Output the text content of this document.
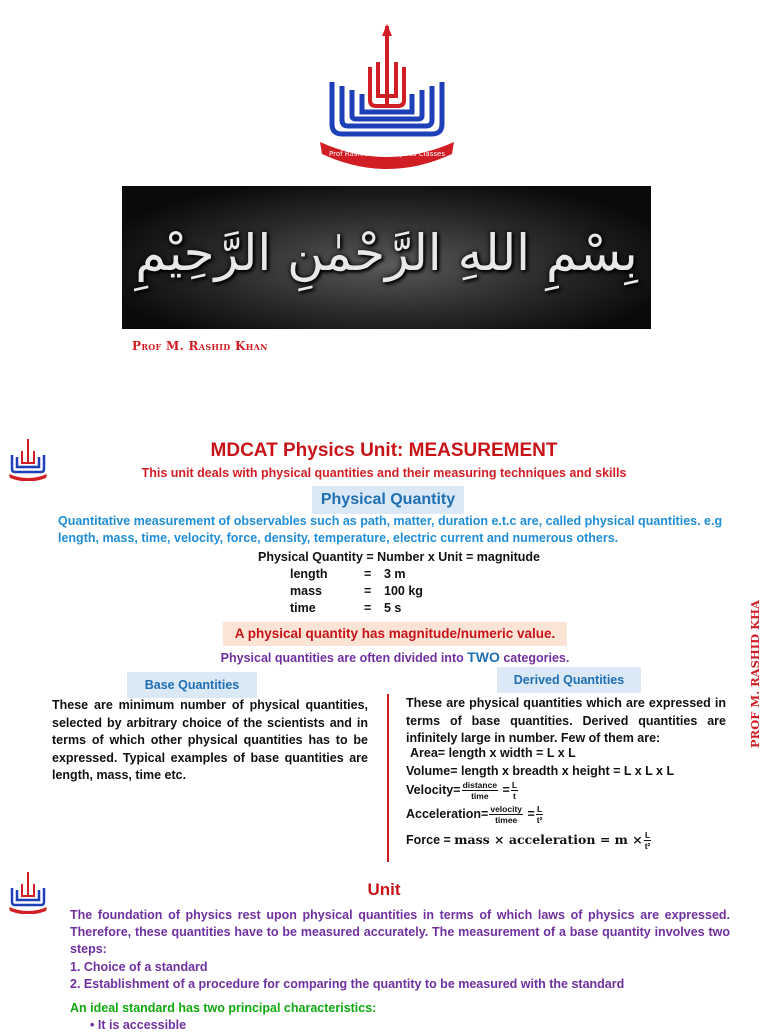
Prof Rashid Khan Physics Classes
بِسْمِ اللهِ الرَّحْمٰنِ الرَّحِيْمِ
Prof M. Rashid Khan
MDCAT Physics Unit: MEASUREMENT
This unit deals with physical quantities and their measuring techniques and skills
Physical Quantity
Quantitative measurement of observables such as path, matter, duration e.t.c are, called physical quantities. e.g length, mass, time, velocity, force, density, temperature, electric current and numerous others.
Physical Quantity = Number x Unit = magnitude
length	= 3 m
mass	= 100 kg
time	= 5 s
A physical quantity has magnitude/numeric value.
Physical quantities are often divided into TWO categories.
Base Quantities
These are minimum number of physical quantities, selected by arbitrary choice of the scientists and in terms of which other physical quantities has to be expressed. Typical examples of base quantities are length, mass, time etc.
Derived Quantities
These are physical quantities which are expressed in terms of base quantities. Derived quantities are infinitely large in number. Few of them are:
Area= length x width = L x L
Volume= length x breadth x height = L x L x L
Velocity= $\frac{\text{distance}}{\text{time}} = \frac{L}{t}$
Acceleration= $\frac{\text{velocity}}{\text{timee}} = \frac{L}{\text{t²}}$
Force = mass × acceleration = $m \times \frac{L}{\text{t²}}$
PROF M. RASHID KHAN
Unit
The foundation of physics rest upon physical quantities in terms of which laws of physics are expressed. Therefore, these quantities have to be measured accurately. The measurement of a base quantity involves two steps:
1. Choice of a standard
2. Establishment of a procedure for comparing the quantity to be measured with the standard
An ideal standard has two principal characteristics:
• It is accessible
